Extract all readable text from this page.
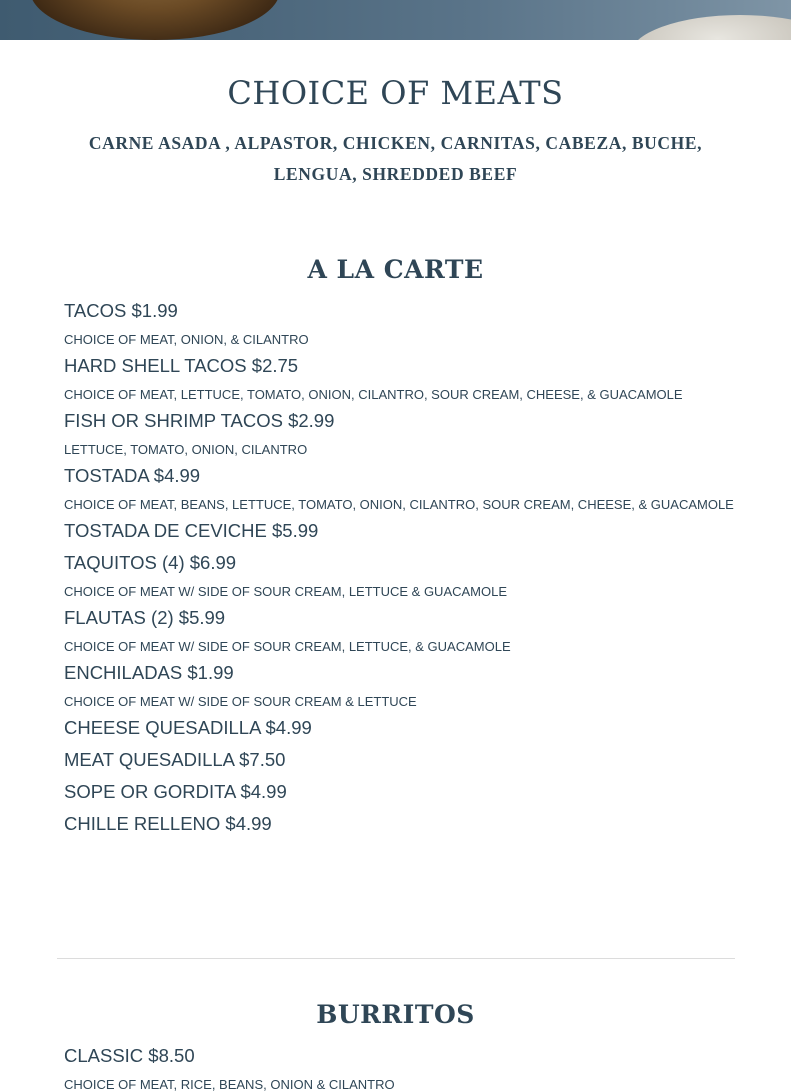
CHOICE OF MEATS
CARNE ASADA , ALPASTOR, CHICKEN, CARNITAS, CABEZA, BUCHE, LENGUA, SHREDDED BEEF
A LA CARTE
TACOS $1.99
CHOICE OF MEAT, ONION, & CILANTRO
HARD SHELL TACOS $2.75
CHOICE OF MEAT, LETTUCE, TOMATO, ONION, CILANTRO, SOUR CREAM, CHEESE, & GUACAMOLE
FISH OR SHRIMP TACOS $2.99
LETTUCE, TOMATO, ONION, CILANTRO
TOSTADA $4.99
CHOICE OF MEAT, BEANS, LETTUCE, TOMATO, ONION, CILANTRO, SOUR CREAM, CHEESE, & GUACAMOLE
TOSTADA DE CEVICHE $5.99
TAQUITOS (4) $6.99
CHOICE OF MEAT W/ SIDE OF SOUR CREAM, LETTUCE & GUACAMOLE
FLAUTAS (2) $5.99
CHOICE OF MEAT W/ SIDE OF SOUR CREAM, LETTUCE, & GUACAMOLE
ENCHILADAS $1.99
CHOICE OF MEAT W/ SIDE OF SOUR CREAM & LETTUCE
CHEESE QUESADILLA $4.99
MEAT QUESADILLA $7.50
SOPE OR GORDITA $4.99
CHILLE RELLENO $4.99
BURRITOS
CLASSIC $8.50
CHOICE OF MEAT, RICE, BEANS, ONION & CILANTRO
